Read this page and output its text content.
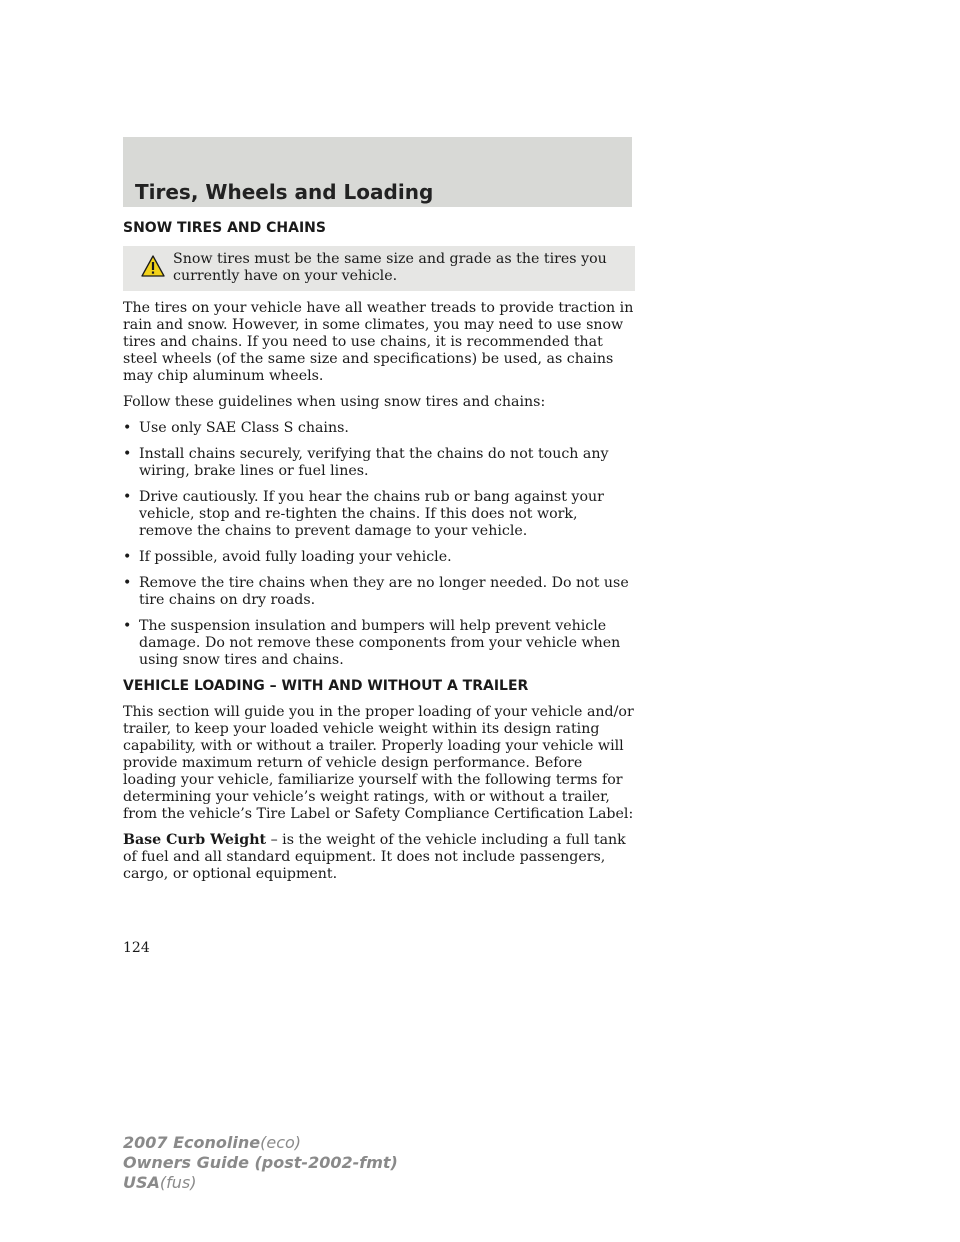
Tires, Wheels and Loading
SNOW TIRES AND CHAINS

Snow tires must be the same size and grade as the tires you currently have on your vehicle.

The tires on your vehicle have all weather treads to provide traction in rain and snow. However, in some climates, you may need to use snow tires and chains. If you need to use chains, it is recommended that steel wheels (of the same size and specifications) be used, as chains may chip aluminum wheels.

Follow these guidelines when using snow tires and chains:

• Use only SAE Class S chains.
• Install chains securely, verifying that the chains do not touch any wiring, brake lines or fuel lines.
• Drive cautiously. If you hear the chains rub or bang against your vehicle, stop and re-tighten the chains. If this does not work, remove the chains to prevent damage to your vehicle.
• If possible, avoid fully loading your vehicle.
• Remove the tire chains when they are no longer needed. Do not use tire chains on dry roads.
• The suspension insulation and bumpers will help prevent vehicle damage. Do not remove these components from your vehicle when using snow tires and chains.
VEHICLE LOADING – WITH AND WITHOUT A TRAILER

This section will guide you in the proper loading of your vehicle and/or trailer, to keep your loaded vehicle weight within its design rating capability, with or without a trailer. Properly loading your vehicle will provide maximum return of vehicle design performance. Before loading your vehicle, familiarize yourself with the following terms for determining your vehicle’s weight ratings, with or without a trailer, from the vehicle’s Tire Label or Safety Compliance Certification Label:

Base Curb Weight – is the weight of the vehicle including a full tank of fuel and all standard equipment. It does not include passengers, cargo, or optional equipment.

124

2007 Econoline(eco)
Owners Guide (post-2002-fmt)
USA(fus)
